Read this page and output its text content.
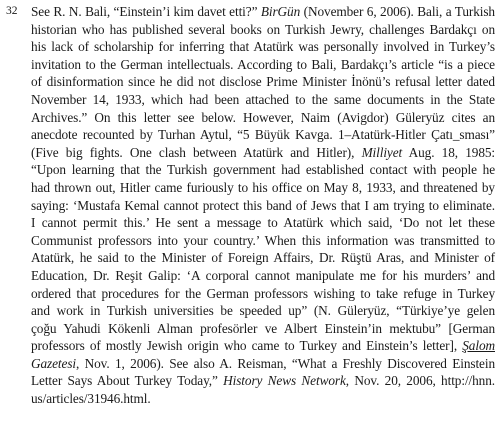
32 See R. N. Bali, “Einstein’i kim davet etti?” BirGün (November 6, 2006). Bali, a Turkish
historian who has published several books on Turkish Jewry, challenges Bardakçı on
his lack of scholarship for inferring that Atatürk was personally involved in Turkey’s
invitation to the German intellectuals. According to Bali, Bardakçı’s article “is a piece
of disinformation since he did not disclose Prime Minister İnönü’s refusal letter dated
November 14, 1933, which had been attached to the same documents in the State
Archives.” On this letter see below. However, Naim (Avigdor) Güleryüz cites an
anecdote recounted by Turhan Aytul, “5 Büyük Kavga. 1–Atatürk-Hitler Çatı_sması”
(Five big fights. One clash between Atatürk and Hitler), Milliyet Aug. 18, 1985:
“Upon learning that the Turkish government had established contact with people he
had thrown out, Hitler came furiously to his office on May 8, 1933, and threatened by
saying: ‘Mustafa Kemal cannot protect this band of Jews that I am trying to eliminate.
I cannot permit this.’ He sent a message to Atatürk which said, ‘Do not let these
Communist professors into your country.’ When this information was transmitted to
Atatürk, he said to the Minister of Foreign Affairs, Dr. Rüştü Aras, and Minister of
Education, Dr. Reşit Galip: ‘A corporal cannot manipulate me for his murders’ and
ordered that procedures for the German professors wishing to take refuge in Turkey
and work in Turkish universities be speeded up” (N. Güleryüz, “Türkiye’ye gelen
çoğu Yahudi Kökenli Alman profesörler ve Albert Einstein’in mektubu” [German
professors of mostly Jewish origin who came to Turkey and Einstein’s letter], Şalom
Gazetesi, Nov. 1, 2006). See also A. Reisman, “What a Freshly Discovered Einstein
Letter Says About Turkey Today,” History News Network, Nov. 20, 2006, http://hnn.
us/articles/31946.html.
